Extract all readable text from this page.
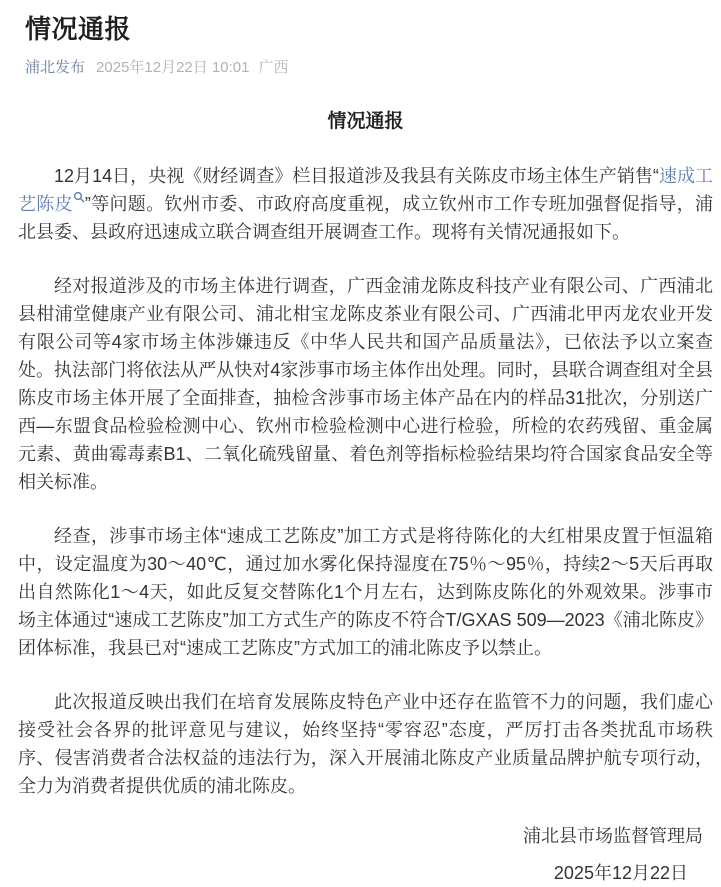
情况通报
浦北发布 2025年12月22日 10:01 广西
情况通报

12月14日，央视《财经调查》栏目报道涉及我县有关陈皮市场主体生产销售“速成工艺陈皮 ”等问题。钦州市委、市政府高度重视，成立钦州市工作专班加强督促指导，浦北县委、县政府迅速成立联合调查组开展调查工作。现将有关情况通报如下。

经对报道涉及的市场主体进行调查，广西金浦龙陈皮科技产业有限公司、广西浦北县柑浦堂健康产业有限公司、浦北柑宝龙陈皮茶业有限公司、广西浦北甲丙龙农业开发有限公司等4家市场主体涉嫌违反《中华人民共和国产品质量法》，已依法予以立案查处。执法部门将依法从严从快对4家涉事市场主体作出处理。同时，县联合调查组对全县陈皮市场主体开展了全面排查，抽检含涉事市场主体产品在内的样品31批次，分别送广西—东盟食品检验检测中心、钦州市检验检测中心进行检验，所检的农药残留、重金属元素、黄曲霉毒素B1、二氧化硫残留量、着色剂等指标检验结果均符合国家食品安全等相关标准。

经查，涉事市场主体“速成工艺陈皮”加工方式是将待陈化的大红柑果皮置于恒温箱中，设定温度为30～40℃，通过加水雾化保持湿度在75％～95％，持续2～5天后再取出自然陈化1～4天，如此反复交替陈化1个月左右，达到陈皮陈化的外观效果。涉事市场主体通过“速成工艺陈皮”加工方式生产的陈皮不符合T/GXAS 509—2023《浦北陈皮》团体标准，我县已对“速成工艺陈皮”方式加工的浦北陈皮予以禁止。

此次报道反映出我们在培育发展陈皮特色产业中还存在监管不力的问题，我们虚心接受社会各界的批评意见与建议，始终坚持“零容忍”态度，严厉打击各类扰乱市场秩序、侵害消费者合法权益的违法行为，深入开展浦北陈皮产业质量品牌护航专项行动，全力为消费者提供优质的浦北陈皮。

浦北县市场监督管理局
2025年12月22日
